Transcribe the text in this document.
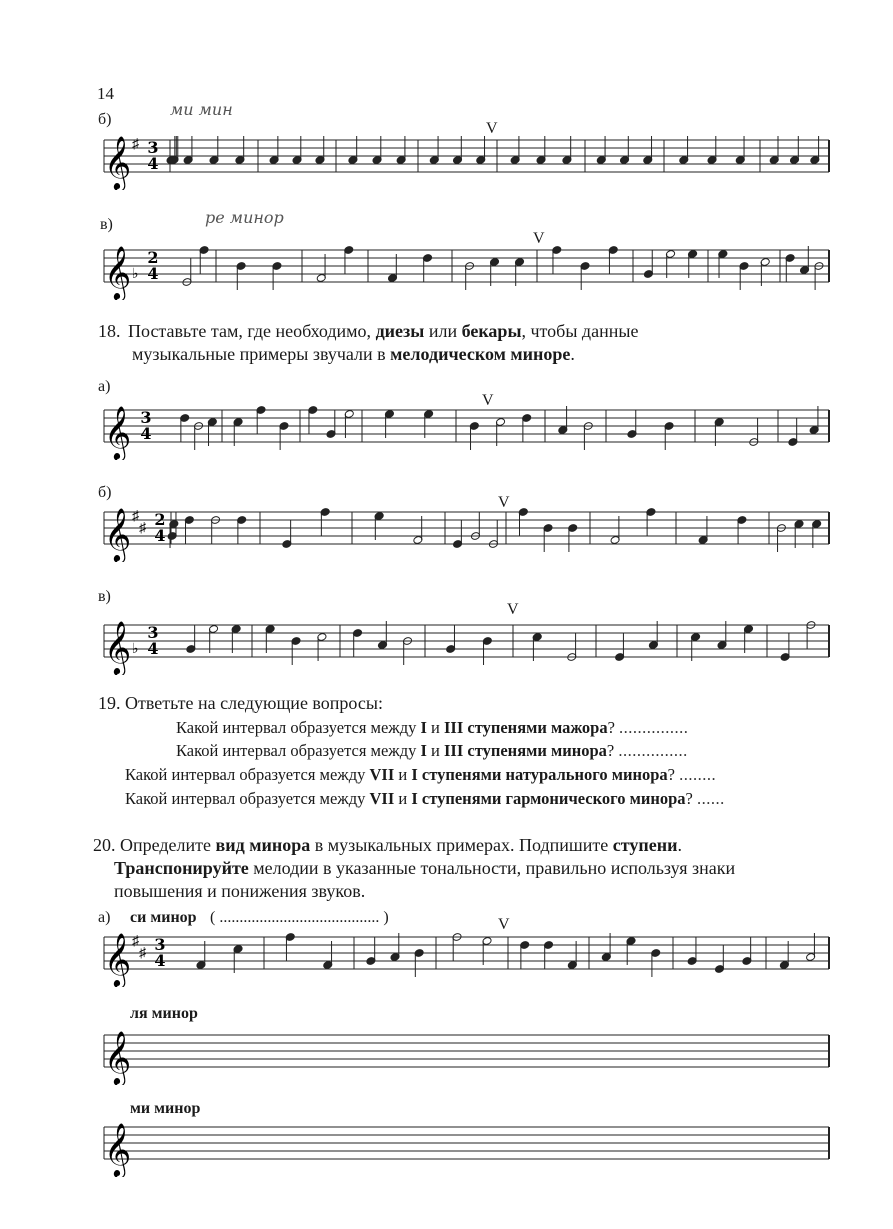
14
б)
ми мин
V
в)	ре минор
V
18. Поставьте там, где необходимо, диезы или бекары, чтобы данные
музыкальные примеры звучали в мелодическом миноре.
а)
V
б)
V
в)
V
19. Ответьте на следующие вопросы:
Какой интервал образуется между I и III ступенями мажора? ...............
Какой интервал образуется между I и III ступенями минора? ...............
Какой интервал образуется между VII и I ступенями натурального минора? ........
Какой интервал образуется между VII и I ступенями гармонического минора? ......
20. Определите вид минора в музыкальных примерах. Подпишите ступени.
Транспонируйте мелодии в указанные тональности, правильно используя знаки
повышения и понижения звуков.
а) си минор ( ........................................ )	V
ля минор
ми минор
𝄞 ♯ 3
4
𝄞 ♭
2
4
𝄞 3
4
𝄞 ♯
♯ 2
4
𝄞 ♭
3
4
𝄞 ♯
♯ 3
4
𝄞
𝄞
